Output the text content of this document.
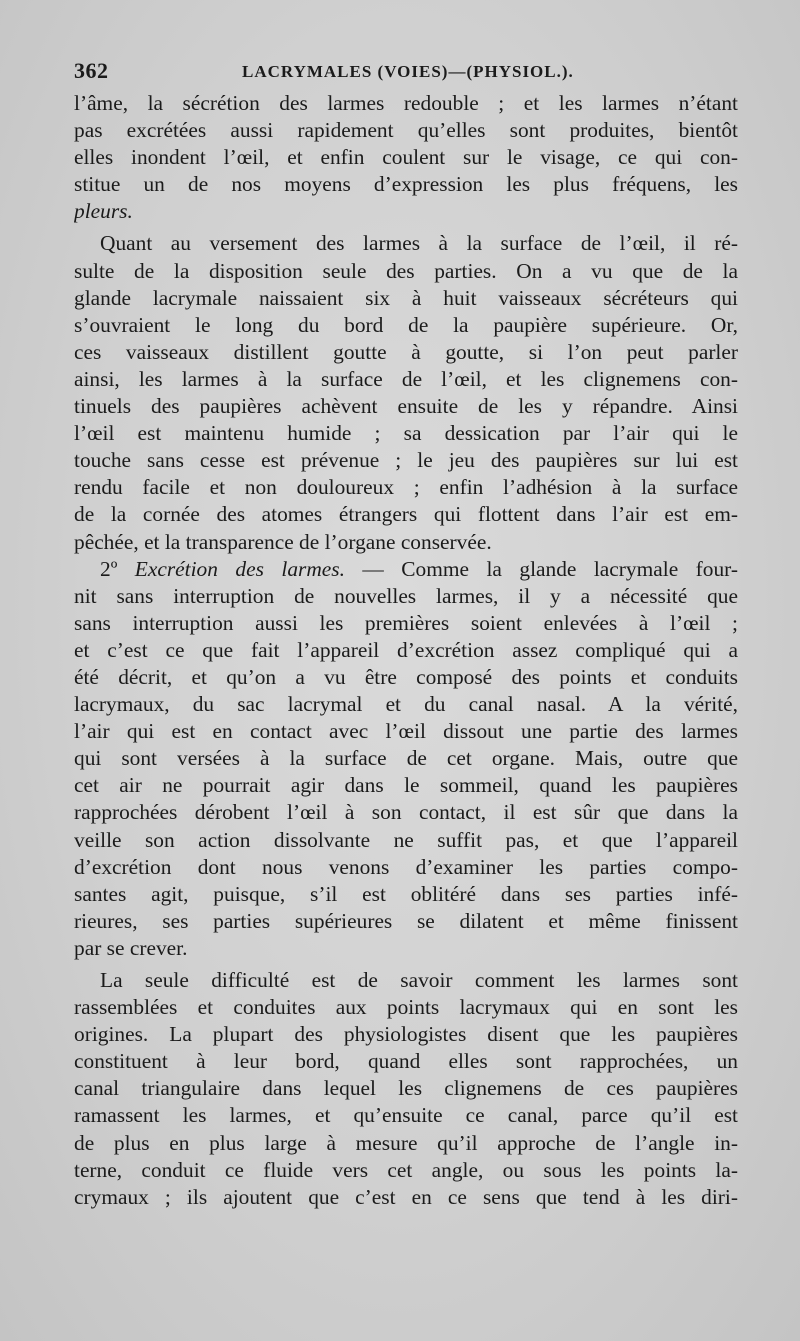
362	LACRYMALES (VOIES)—(PHYSIOL.).
l’âme, la sécrétion des larmes redouble ; et les larmes n’étant
pas excrétées aussi rapidement qu’elles sont produites, bientôt
elles inondent l’œil, et enfin coulent sur le visage, ce qui con-
stitue un de nos moyens d’expression les plus fréquens, les
pleurs.
Quant au versement des larmes à la surface de l’œil, il ré-
sulte de la disposition seule des parties. On a vu que de la
glande lacrymale naissaient six à huit vaisseaux sécréteurs qui
s’ouvraient le long du bord de la paupière supérieure. Or,
ces vaisseaux distillent goutte à goutte, si l’on peut parler
ainsi, les larmes à la surface de l’œil, et les clignemens con-
tinuels des paupières achèvent ensuite de les y répandre. Ainsi
l’œil est maintenu humide ; sa dessication par l’air qui le
touche sans cesse est prévenue ; le jeu des paupières sur lui est
rendu facile et non douloureux ; enfin l’adhésion à la surface
de la cornée des atomes étrangers qui flottent dans l’air est em-
pêchée, et la transparence de l’organe conservée.
2º Excrétion des larmes. — Comme la glande lacrymale four-
nit sans interruption de nouvelles larmes, il y a nécessité que
sans interruption aussi les premières soient enlevées à l’œil ;
et c’est ce que fait l’appareil d’excrétion assez compliqué qui a
été décrit, et qu’on a vu être composé des points et conduits
lacrymaux, du sac lacrymal et du canal nasal. A la vérité,
l’air qui est en contact avec l’œil dissout une partie des larmes
qui sont versées à la surface de cet organe. Mais, outre que
cet air ne pourrait agir dans le sommeil, quand les paupières
rapprochées dérobent l’œil à son contact, il est sûr que dans la
veille son action dissolvante ne suffit pas, et que l’appareil
d’excrétion dont nous venons d’examiner les parties compo-
santes agit, puisque, s’il est oblitéré dans ses parties infé-
rieures, ses parties supérieures se dilatent et même finissent
par se crever.
La seule difficulté est de savoir comment les larmes sont
rassemblées et conduites aux points lacrymaux qui en sont les
origines. La plupart des physiologistes disent que les paupières
constituent à leur bord, quand elles sont rapprochées, un
canal triangulaire dans lequel les clignemens de ces paupières
ramassent les larmes, et qu’ensuite ce canal, parce qu’il est
de plus en plus large à mesure qu’il approche de l’angle in-
terne, conduit ce fluide vers cet angle, ou sous les points la-
crymaux ; ils ajoutent que c’est en ce sens que tend à les diri-
